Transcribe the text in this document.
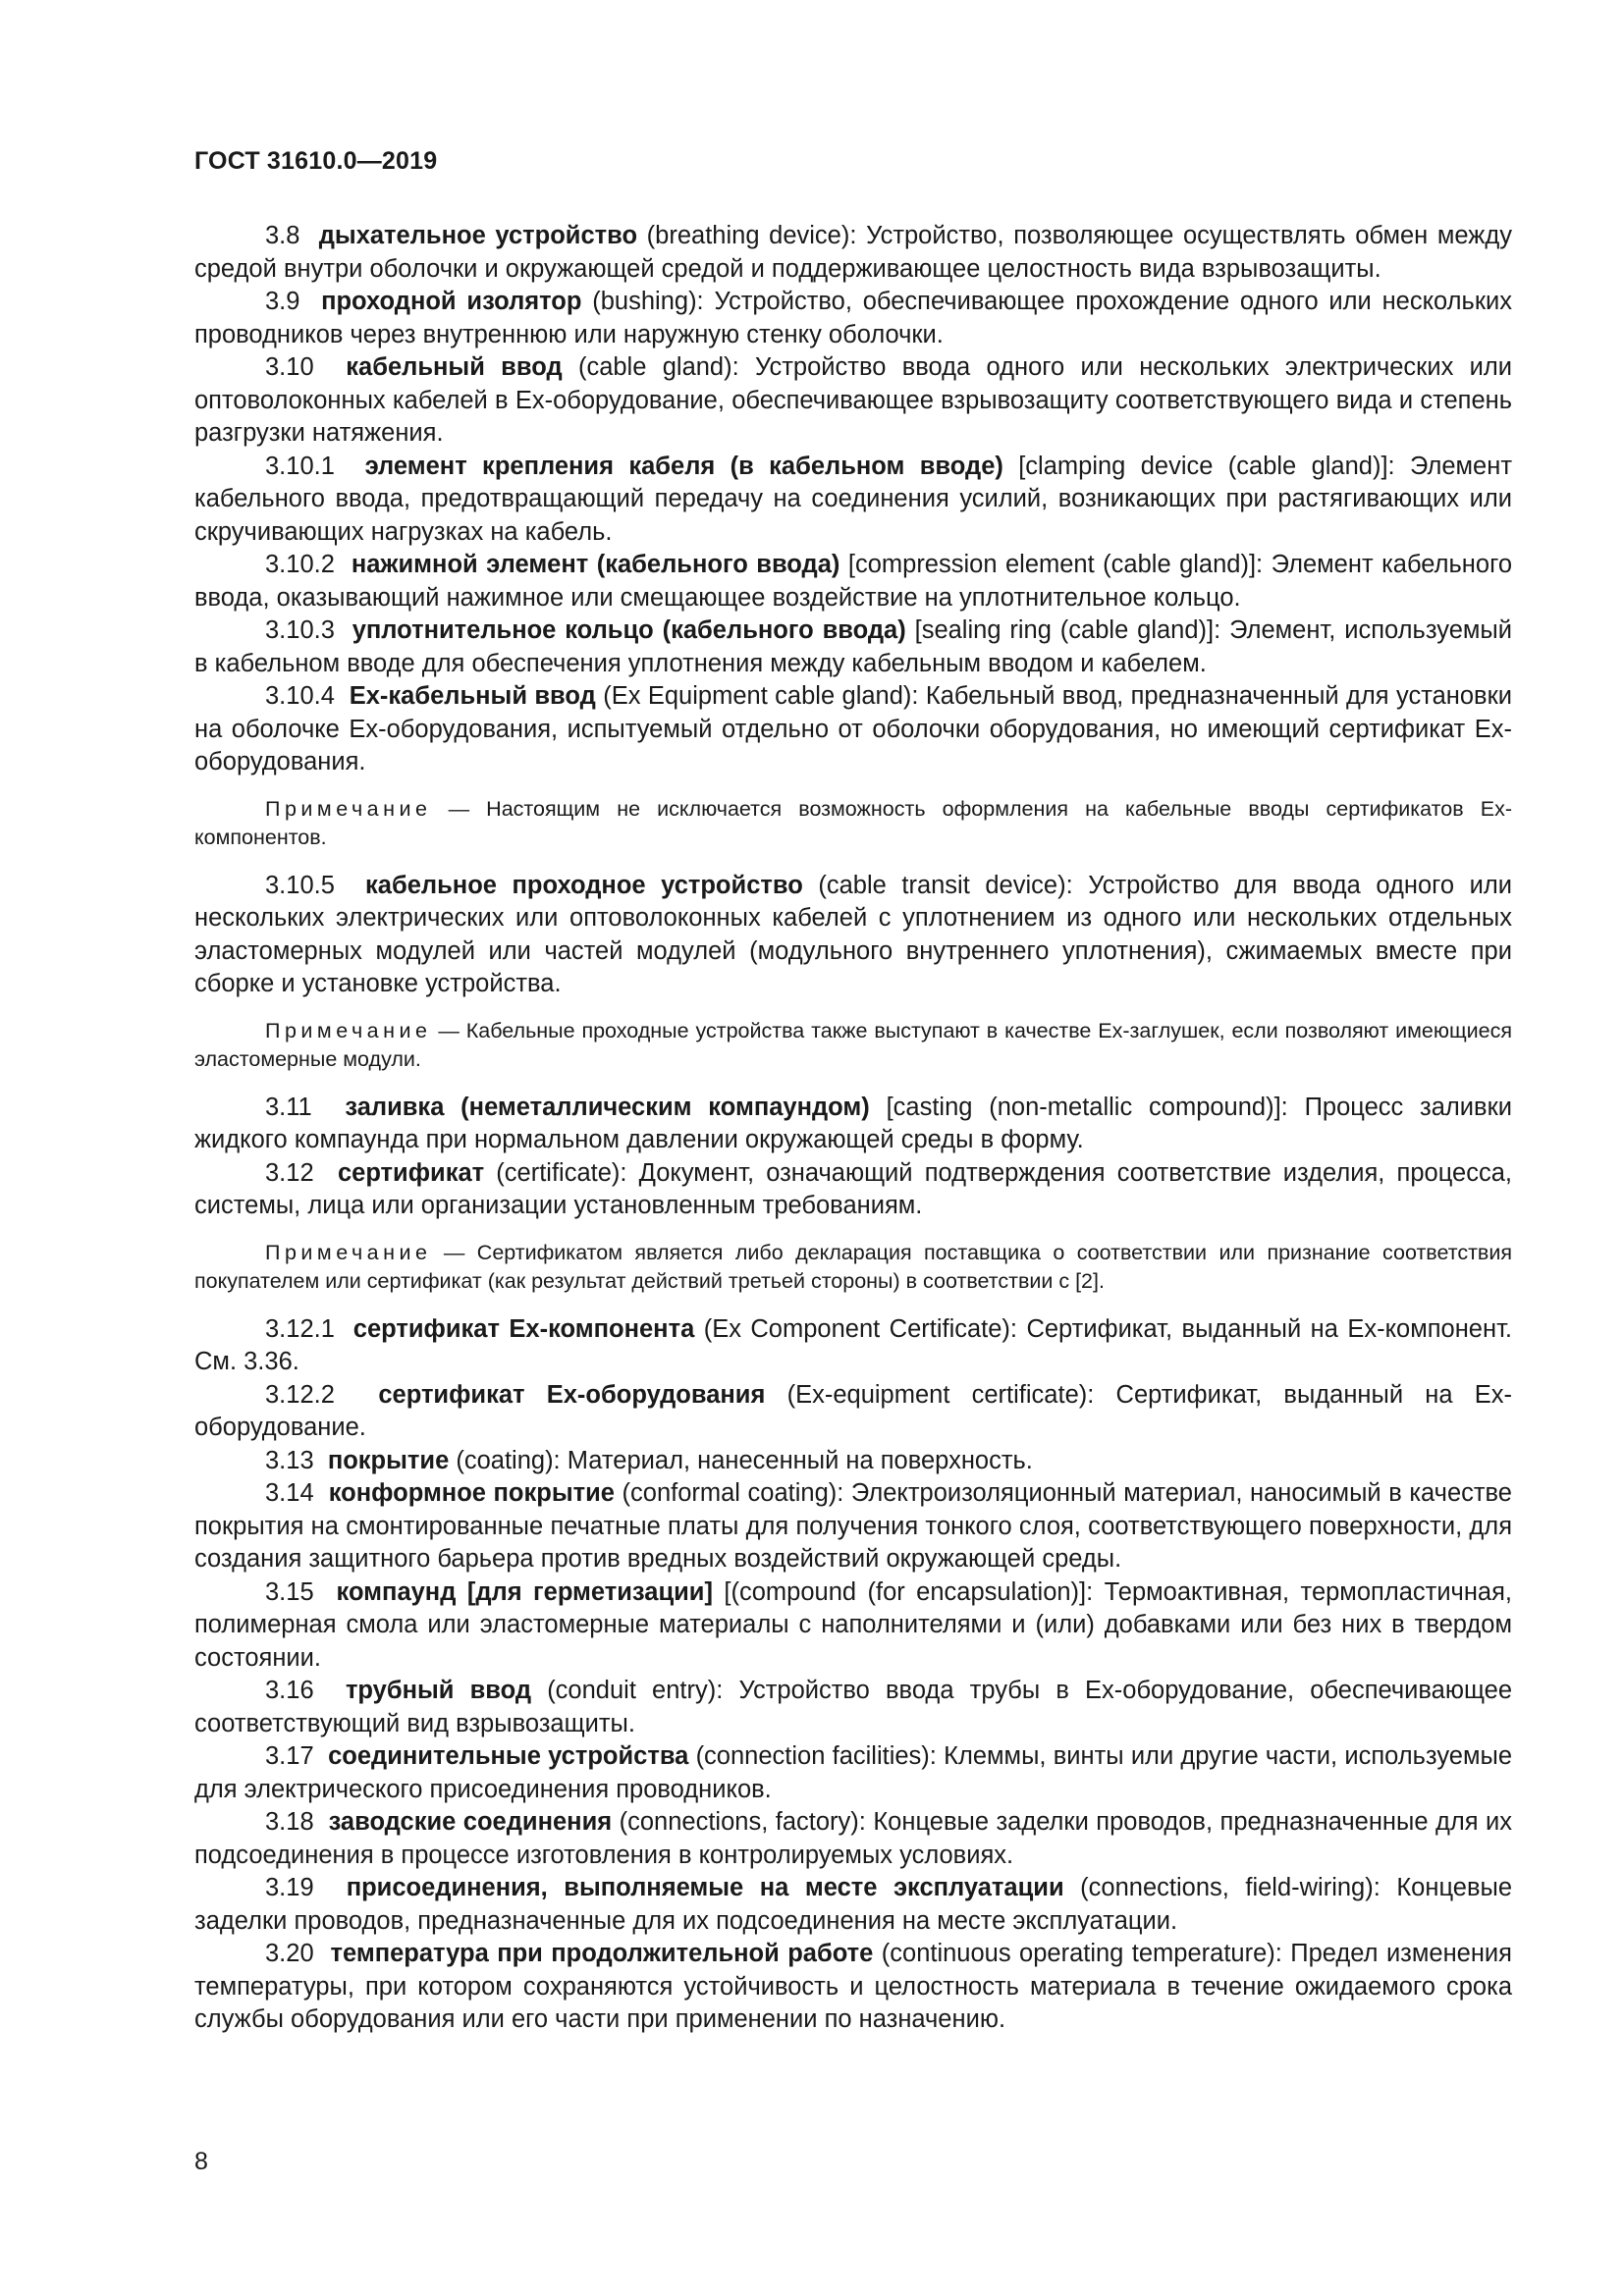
ГОСТ 31610.0—2019

3.8 дыхательное устройство (breathing device): Устройство, позволяющее осуществлять обмен между средой внутри оболочки и окружающей средой и поддерживающее целостность вида взрывозащиты.

3.9 проходной изолятор (bushing): Устройство, обеспечивающее прохождение одного или нескольких проводников через внутреннюю или наружную стенку оболочки.

3.10 кабельный ввод (cable gland): Устройство ввода одного или нескольких электрических или оптоволоконных кабелей в Ех-оборудование, обеспечивающее взрывозащиту соответствующего вида и степень разгрузки натяжения.

3.10.1 элемент крепления кабеля (в кабельном вводе) [clamping device (cable gland)]: Элемент кабельного ввода, предотвращающий передачу на соединения усилий, возникающих при растягивающих или скручивающих нагрузках на кабель.

3.10.2 нажимной элемент (кабельного ввода) [compression element (cable gland)]: Элемент кабельного ввода, оказывающий нажимное или смещающее воздействие на уплотнительное кольцо.

3.10.3 уплотнительное кольцо (кабельного ввода) [sealing ring (cable gland)]: Элемент, используемый в кабельном вводе для обеспечения уплотнения между кабельным вводом и кабелем.

3.10.4 Ех-кабельный ввод (Ex Equipment cable gland): Кабельный ввод, предназначенный для установки на оболочке Ех-оборудования, испытуемый отдельно от оболочки оборудования, но имеющий сертификат Ех-оборудования.

Примечание — Настоящим не исключается возможность оформления на кабельные вводы сертификатов Ех-компонентов.

3.10.5 кабельное проходное устройство (cable transit device): Устройство для ввода одного или нескольких электрических или оптоволоконных кабелей с уплотнением из одного или нескольких отдельных эластомерных модулей или частей модулей (модульного внутреннего уплотнения), сжимаемых вместе при сборке и установке устройства.

Примечание — Кабельные проходные устройства также выступают в качестве Ех-заглушек, если позволяют имеющиеся эластомерные модули.

3.11 заливка (неметаллическим компаундом) [casting (non-metallic compound)]: Процесс заливки жидкого компаунда при нормальном давлении окружающей среды в форму.

3.12 сертификат (certificate): Документ, означающий подтверждения соответствие изделия, процесса, системы, лица или организации установленным требованиям.

Примечание — Сертификатом является либо декларация поставщика о соответствии или признание соответствия покупателем или сертификат (как результат действий третьей стороны) в соответствии с [2].

3.12.1 сертификат Ех-компонента (Ex Component Certificate): Сертификат, выданный на Ех-компонент. См. 3.36.

3.12.2 сертификат Ех-оборудования (Ex-equipment certificate): Сертификат, выданный на Ех-оборудование.

3.13 покрытие (coating): Материал, нанесенный на поверхность.

3.14 конформное покрытие (conformal coating): Электроизоляционный материал, наносимый в качестве покрытия на смонтированные печатные платы для получения тонкого слоя, соответствующего поверхности, для создания защитного барьера против вредных воздействий окружающей среды.

3.15 компаунд [для герметизации] [(compound (for encapsulation)]: Термоактивная, термопластичная, полимерная смола или эластомерные материалы с наполнителями и (или) добавками или без них в твердом состоянии.

3.16 трубный ввод (conduit entry): Устройство ввода трубы в Ех-оборудование, обеспечивающее соответствующий вид взрывозащиты.

3.17 соединительные устройства (connection facilities): Клеммы, винты или другие части, используемые для электрического присоединения проводников.

3.18 заводские соединения (connections, factory): Концевые заделки проводов, предназначенные для их подсоединения в процессе изготовления в контролируемых условиях.

3.19 присоединения, выполняемые на месте эксплуатации (connections, field-wiring): Концевые заделки проводов, предназначенные для их подсоединения на месте эксплуатации.

3.20 температура при продолжительной работе (continuous operating temperature): Предел изменения температуры, при котором сохраняются устойчивость и целостность материала в течение ожидаемого срока службы оборудования или его части при применении по назначению.

8
